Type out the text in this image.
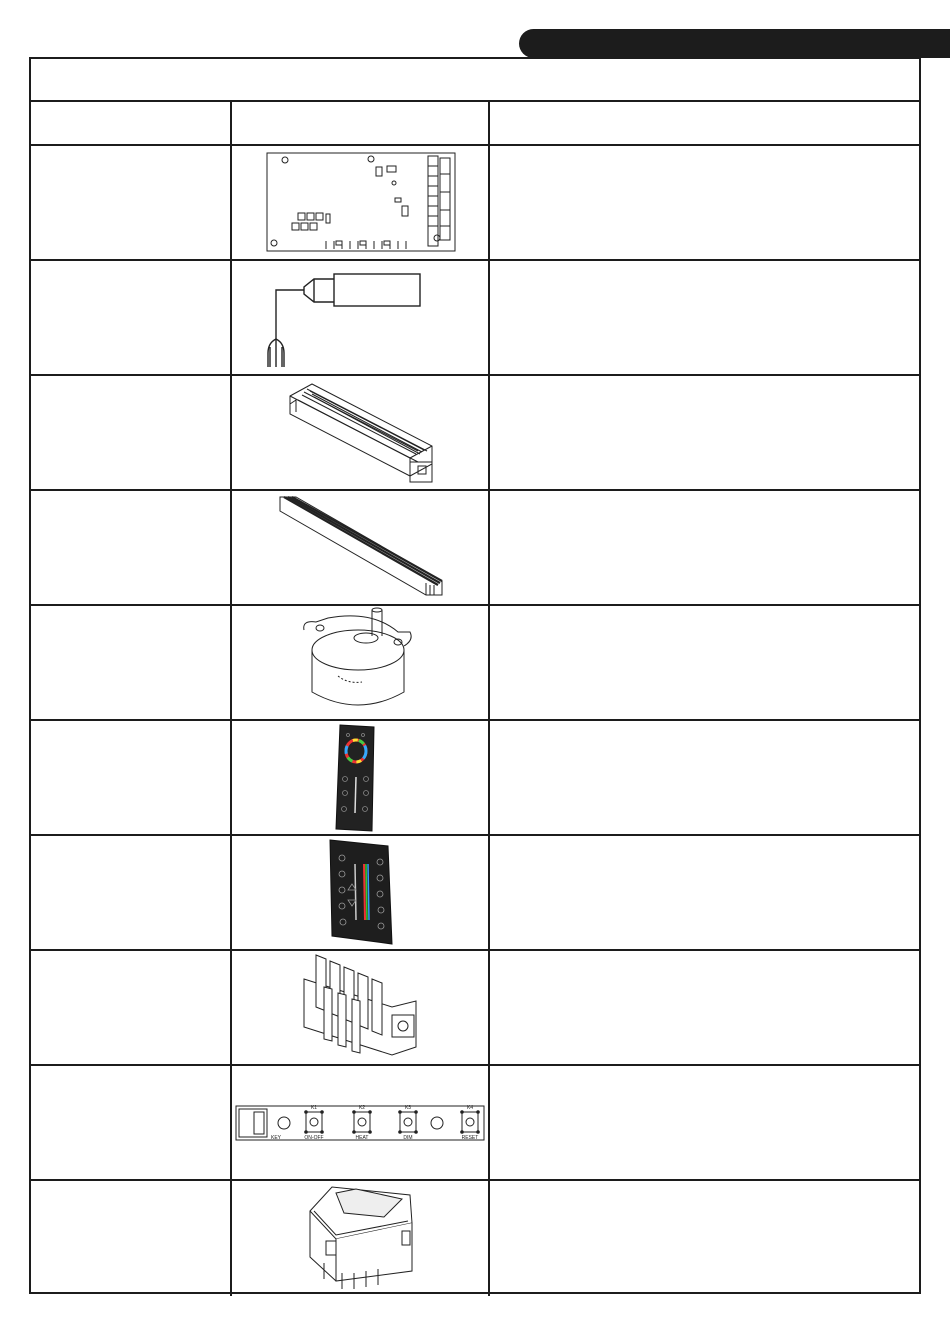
K1	K2	K3	K4
KEY	ON-OFF	HEAT	DIM	RESET
